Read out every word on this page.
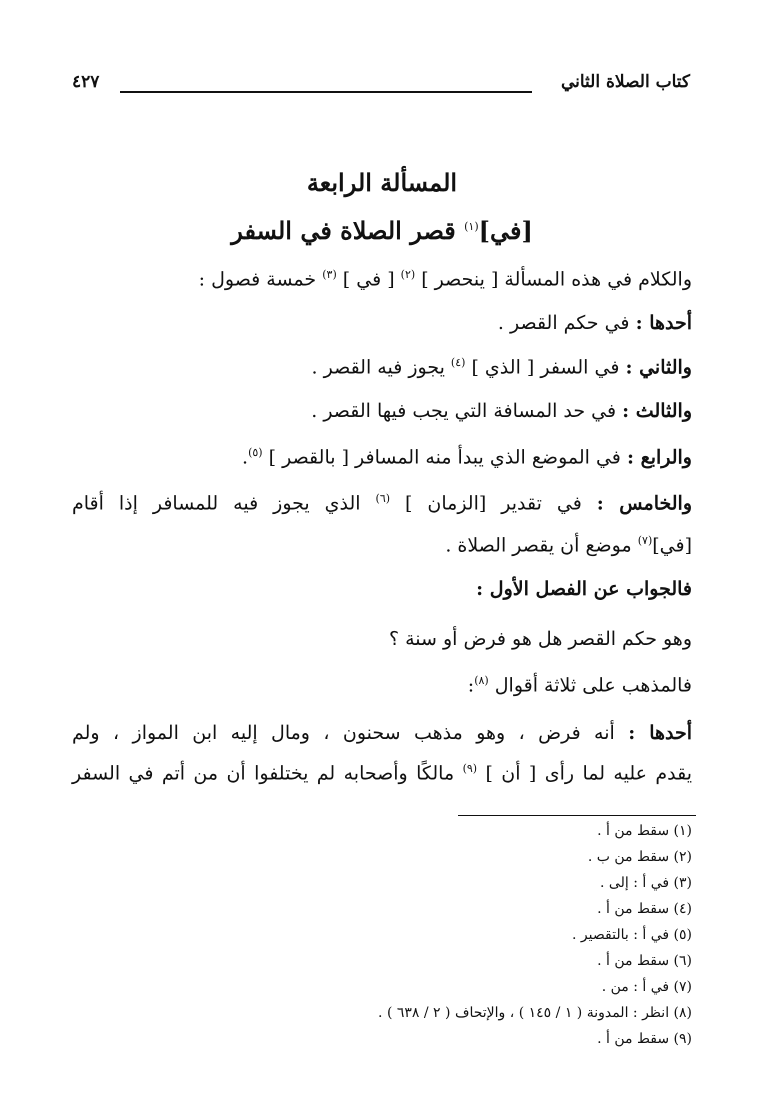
كتاب الصلاة الثاني
٤٢٧
المسألة الرابعة
[في]$^{(١)}$ قصر الصلاة في السفر
والكلام في هذه المسألة [ ينحصر ] $^{(٢)}$ [ في ] $^{(٣)}$ خمسة فصول :
أحدها : في حكم القصر .
والثاني : في السفر [ الذي ] $^{(٤)}$ يجوز فيه القصر .
والثالث : في حد المسافة التي يجب فيها القصر .
والرابع : في الموضع الذي يبدأ منه المسافر [ بالقصر ] $^{(٥)}$.
والخامس : في تقدير [الزمان ] $^{(٦)}$ الذي يجوز فيه للمسافر إذا أقام
[في]$^{(٧)}$ موضع أن يقصر الصلاة .
فالجواب عن الفصل الأول :
وهو حكم القصر هل هو فرض أو سنة ؟
فالمذهب على ثلاثة أقوال $^{(٨)}$:
أحدها : أنه فرض ، وهو مذهب سحنون ، ومال إليه ابن المواز ، ولم
يقدم عليه لما رأى [ أن ] $^{(٩)}$ مالكًا وأصحابه لم يختلفوا أن من أتم في السفر
(١) سقط من أ .
(٢) سقط من ب .
(٣) في أ : إلى .
(٤) سقط من أ .
(٥) في أ : بالتقصير .
(٦) سقط من أ .
(٧) في أ : من .
(٨) انظر : المدونة ( ١ / ١٤٥ ) ، والإتحاف ( ٢ / ٦٣٨ ) .
(٩) سقط من أ .
